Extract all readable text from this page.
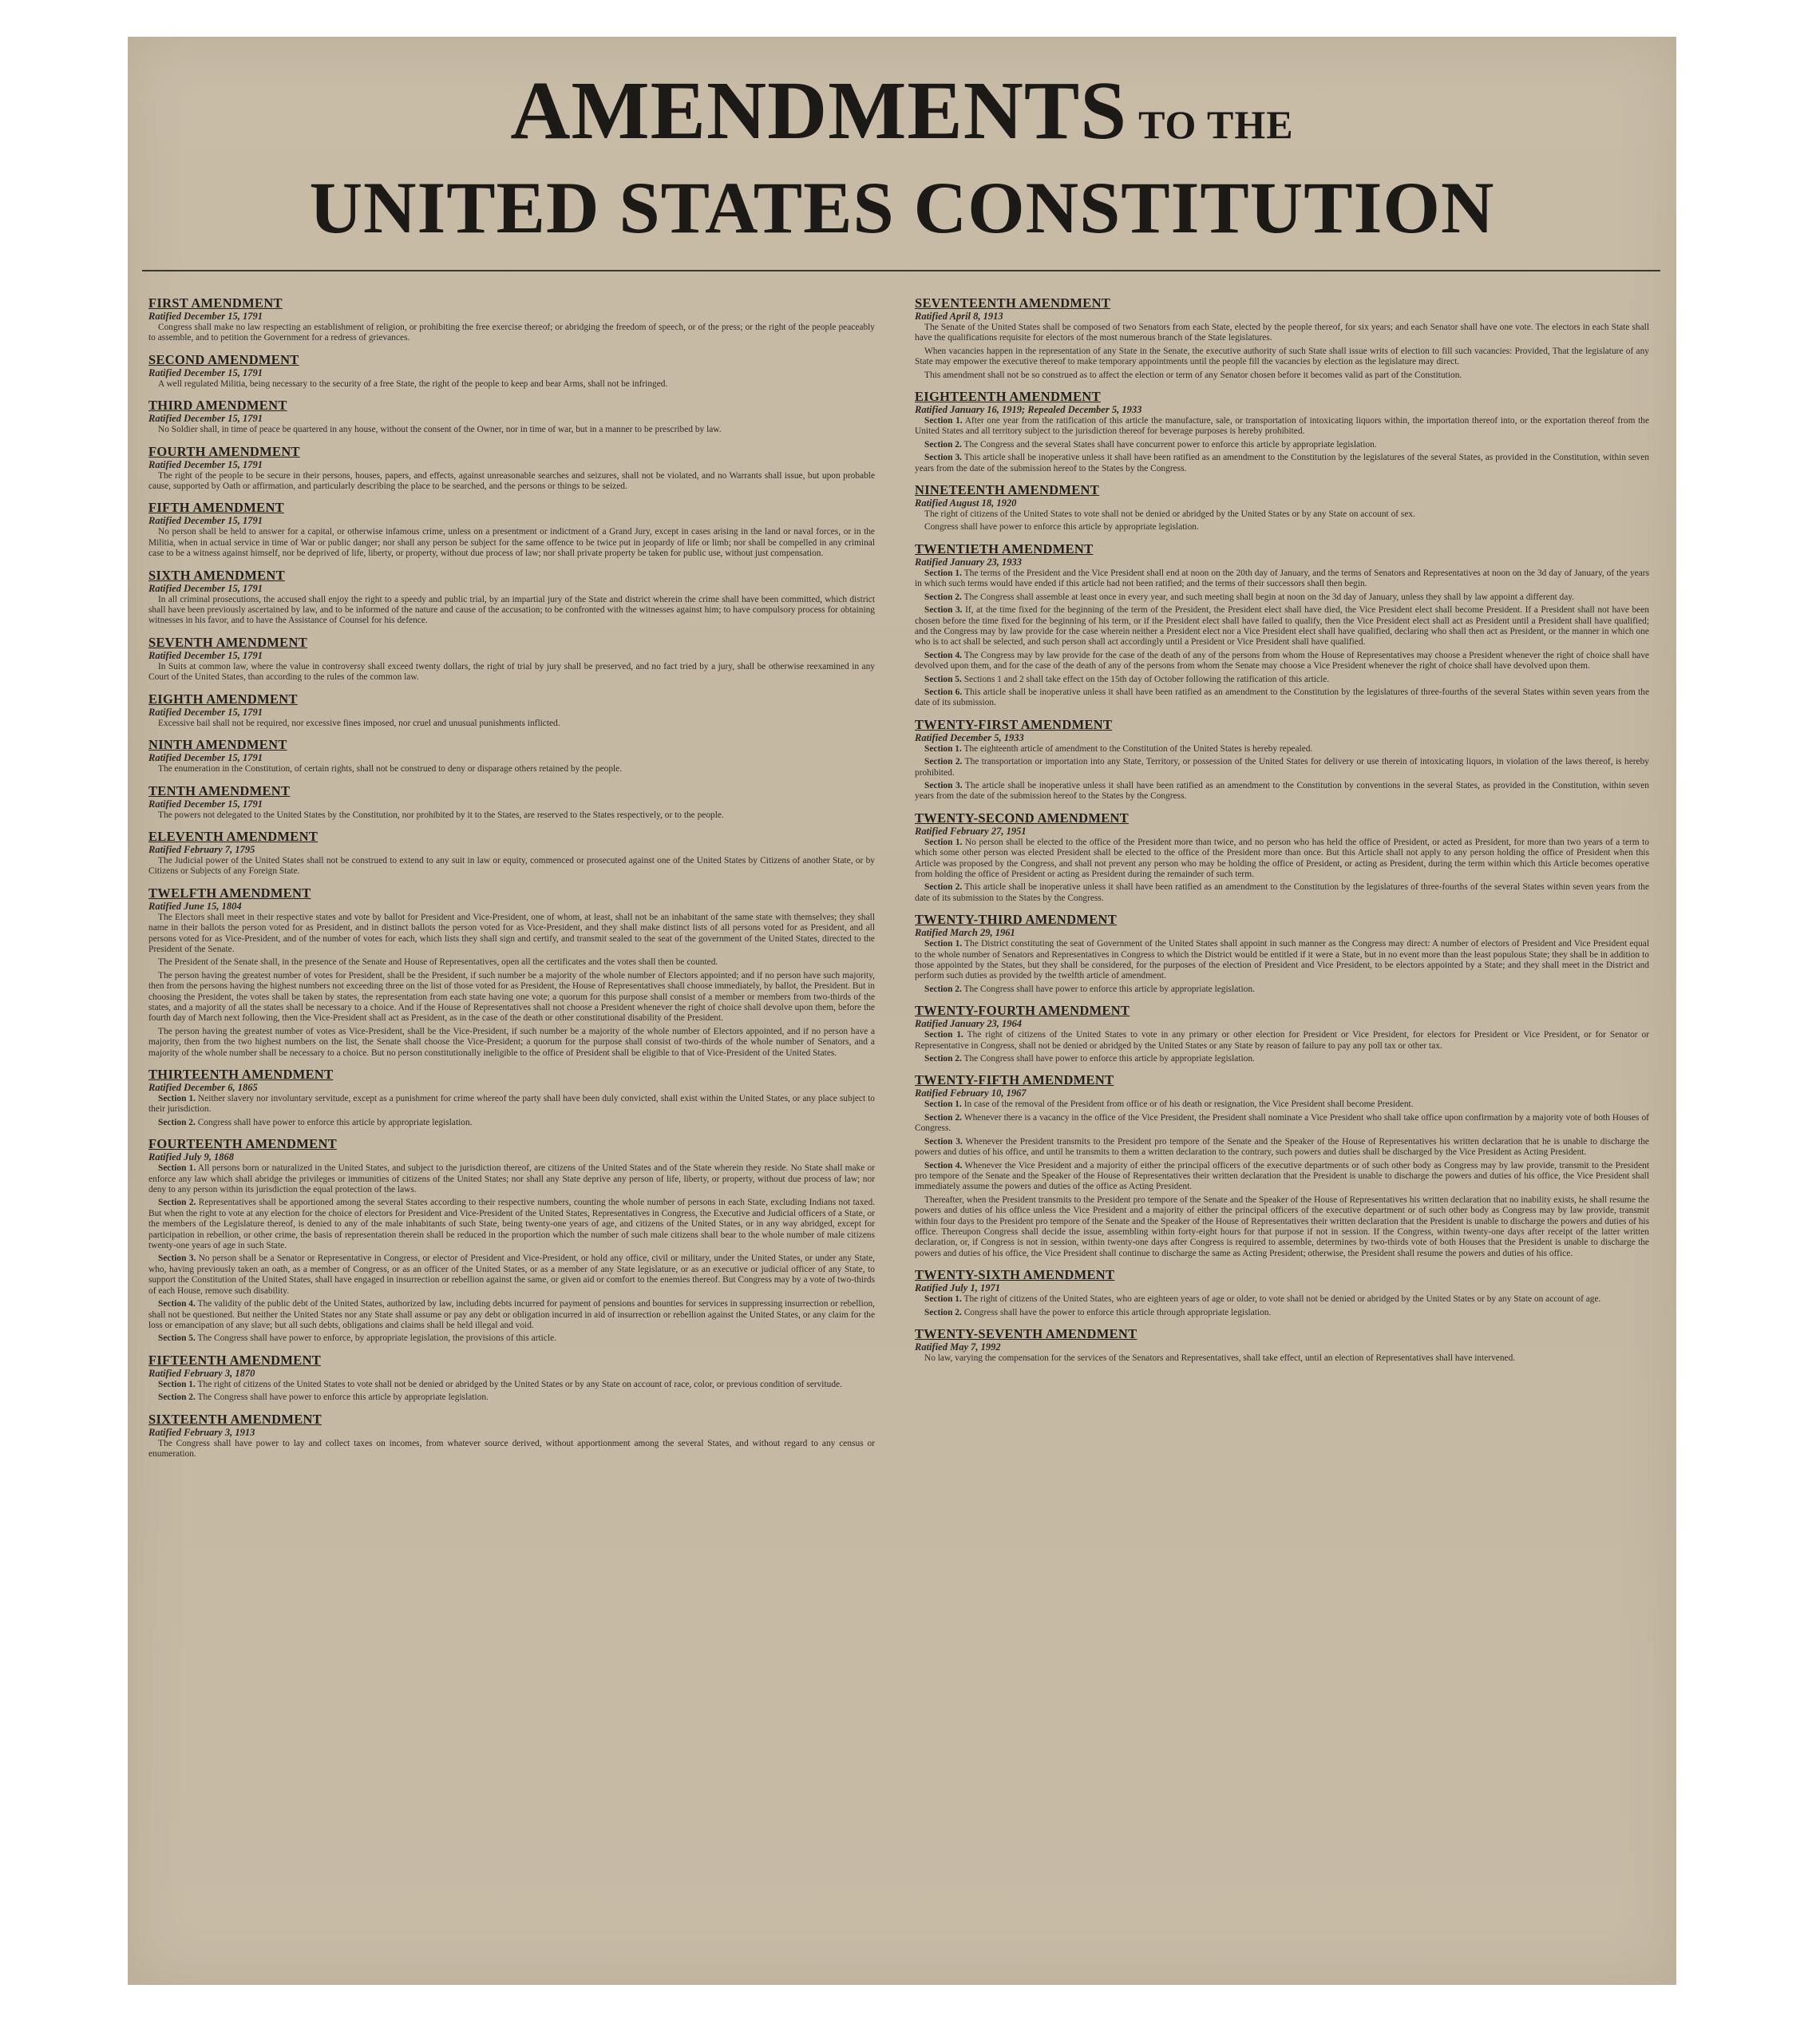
AMENDMENTS TO THE
UNITED STATES CONSTITUTION
FIRST AMENDMENT
Ratified December 15, 1791

Congress shall make no law respecting an establishment of religion, or prohibiting the free exercise thereof; or abridging the freedom of speech, or of the press; or the right of the people peaceably to assemble, and to petition the Government for a redress of grievances.

SECOND AMENDMENT
Ratified December 15, 1791

A well regulated Militia, being necessary to the security of a free State, the right of the people to keep and bear Arms, shall not be infringed.

THIRD AMENDMENT
Ratified December 15, 1791

No Soldier shall, in time of peace be quartered in any house, without the consent of the Owner, nor in time of war, but in a manner to be prescribed by law.

FOURTH AMENDMENT
Ratified December 15, 1791

The right of the people to be secure in their persons, houses, papers, and effects, against unreasonable searches and seizures, shall not be violated, and no Warrants shall issue, but upon probable cause, supported by Oath or affirmation, and particularly describing the place to be searched, and the persons or things to be seized.

FIFTH AMENDMENT
Ratified December 15, 1791

No person shall be held to answer for a capital, or otherwise infamous crime, unless on a presentment or indictment of a Grand Jury, except in cases arising in the land or naval forces, or in the Militia, when in actual service in time of War or public danger; nor shall any person be subject for the same offence to be twice put in jeopardy of life or limb; nor shall be compelled in any criminal case to be a witness against himself, nor be deprived of life, liberty, or property, without due process of law; nor shall private property be taken for public use, without just compensation.

SIXTH AMENDMENT
Ratified December 15, 1791

In all criminal prosecutions, the accused shall enjoy the right to a speedy and public trial, by an impartial jury of the State and district wherein the crime shall have been committed, which district shall have been previously ascertained by law, and to be informed of the nature and cause of the accusation; to be confronted with the witnesses against him; to have compulsory process for obtaining witnesses in his favor, and to have the Assistance of Counsel for his defence.

SEVENTH AMENDMENT
Ratified December 15, 1791

In Suits at common law, where the value in controversy shall exceed twenty dollars, the right of trial by jury shall be preserved, and no fact tried by a jury, shall be otherwise reexamined in any Court of the United States, than according to the rules of the common law.

EIGHTH AMENDMENT
Ratified December 15, 1791

Excessive bail shall not be required, nor excessive fines imposed, nor cruel and unusual punishments inflicted.

NINTH AMENDMENT
Ratified December 15, 1791

The enumeration in the Constitution, of certain rights, shall not be construed to deny or disparage others retained by the people.

TENTH AMENDMENT
Ratified December 15, 1791

The powers not delegated to the United States by the Constitution, nor prohibited by it to the States, are reserved to the States respectively, or to the people.

ELEVENTH AMENDMENT
Ratified February 7, 1795

The Judicial power of the United States shall not be construed to extend to any suit in law or equity, commenced or prosecuted against one of the United States by Citizens of another State, or by Citizens or Subjects of any Foreign State.

TWELFTH AMENDMENT
Ratified June 15, 1804

The Electors shall meet in their respective states and vote by ballot for President and Vice-President, one of whom, at least, shall not be an inhabitant of the same state with themselves; they shall name in their ballots the person voted for as President, and in distinct ballots the person voted for as Vice-President, and they shall make distinct lists of all persons voted for as President, and all persons voted for as Vice-President, and of the number of votes for each, which lists they shall sign and certify, and transmit sealed to the seat of the government of the United States, directed to the President of the Senate.

The President of the Senate shall, in the presence of the Senate and House of Representatives, open all the certificates and the votes shall then be counted.

The person having the greatest number of votes for President, shall be the President, if such number be a majority of the whole number of Electors appointed; and if no person have such majority, then from the persons having the highest numbers not exceeding three on the list of those voted for as President, the House of Representatives shall choose immediately, by ballot, the President. But in choosing the President, the votes shall be taken by states, the representation from each state having one vote; a quorum for this purpose shall consist of a member or members from two-thirds of the states, and a majority of all the states shall be necessary to a choice. And if the House of Representatives shall not choose a President whenever the right of choice shall devolve upon them, before the fourth day of March next following, then the Vice-President shall act as President, as in the case of the death or other constitutional disability of the President.

The person having the greatest number of votes as Vice-President, shall be the Vice-President, if such number be a majority of the whole number of Electors appointed, and if no person have a majority, then from the two highest numbers on the list, the Senate shall choose the Vice-President; a quorum for the purpose shall consist of two-thirds of the whole number of Senators, and a majority of the whole number shall be necessary to a choice. But no person constitutionally ineligible to the office of President shall be eligible to that of Vice-President of the United States.

THIRTEENTH AMENDMENT
Ratified December 6, 1865

Section 1. Neither slavery nor involuntary servitude, except as a punishment for crime whereof the party shall have been duly convicted, shall exist within the United States, or any place subject to their jurisdiction.

Section 2. Congress shall have power to enforce this article by appropriate legislation.

FOURTEENTH AMENDMENT
Ratified July 9, 1868

Section 1. All persons born or naturalized in the United States, and subject to the jurisdiction thereof, are citizens of the United States and of the State wherein they reside. No State shall make or enforce any law which shall abridge the privileges or immunities of citizens of the United States; nor shall any State deprive any person of life, liberty, or property, without due process of law; nor deny to any person within its jurisdiction the equal protection of the laws.

Section 2. Representatives shall be apportioned among the several States according to their respective numbers, counting the whole number of persons in each State, excluding Indians not taxed. But when the right to vote at any election for the choice of electors for President and Vice-President of the United States, Representatives in Congress, the Executive and Judicial officers of a State, or the members of the Legislature thereof, is denied to any of the male inhabitants of such State, being twenty-one years of age, and citizens of the United States, or in any way abridged, except for participation in rebellion, or other crime, the basis of representation therein shall be reduced in the proportion which the number of such male citizens shall bear to the whole number of male citizens twenty-one years of age in such State.

Section 3. No person shall be a Senator or Representative in Congress, or elector of President and Vice-President, or hold any office, civil or military, under the United States, or under any State, who, having previously taken an oath, as a member of Congress, or as an officer of the United States, or as a member of any State legislature, or as an executive or judicial officer of any State, to support the Constitution of the United States, shall have engaged in insurrection or rebellion against the same, or given aid or comfort to the enemies thereof. But Congress may by a vote of two-thirds of each House, remove such disability.

Section 4. The validity of the public debt of the United States, authorized by law, including debts incurred for payment of pensions and bounties for services in suppressing insurrection or rebellion, shall not be questioned. But neither the United States nor any State shall assume or pay any debt or obligation incurred in aid of insurrection or rebellion against the United States, or any claim for the loss or emancipation of any slave; but all such debts, obligations and claims shall be held illegal and void.

Section 5. The Congress shall have power to enforce, by appropriate legislation, the provisions of this article.

FIFTEENTH AMENDMENT
Ratified February 3, 1870

Section 1. The right of citizens of the United States to vote shall not be denied or abridged by the United States or by any State on account of race, color, or previous condition of servitude.

Section 2. The Congress shall have power to enforce this article by appropriate legislation.

SIXTEENTH AMENDMENT
Ratified February 3, 1913

The Congress shall have power to lay and collect taxes on incomes, from whatever source derived, without apportionment among the several States, and without regard to any census or enumeration.

SEVENTEENTH AMENDMENT
Ratified April 8, 1913

The Senate of the United States shall be composed of two Senators from each State, elected by the people thereof, for six years; and each Senator shall have one vote. The electors in each State shall have the qualifications requisite for electors of the most numerous branch of the State legislatures.

When vacancies happen in the representation of any State in the Senate, the executive authority of such State shall issue writs of election to fill such vacancies: Provided, That the legislature of any State may empower the executive thereof to make temporary appointments until the people fill the vacancies by election as the legislature may direct.

This amendment shall not be so construed as to affect the election or term of any Senator chosen before it becomes valid as part of the Constitution.

EIGHTEENTH AMENDMENT
Ratified January 16, 1919; Repealed December 5, 1933

Section 1. After one year from the ratification of this article the manufacture, sale, or transportation of intoxicating liquors within, the importation thereof into, or the exportation thereof from the United States and all territory subject to the jurisdiction thereof for beverage purposes is hereby prohibited.

Section 2. The Congress and the several States shall have concurrent power to enforce this article by appropriate legislation.

Section 3. This article shall be inoperative unless it shall have been ratified as an amendment to the Constitution by the legislatures of the several States, as provided in the Constitution, within seven years from the date of the submission hereof to the States by the Congress.

NINETEENTH AMENDMENT
Ratified August 18, 1920

The right of citizens of the United States to vote shall not be denied or abridged by the United States or by any State on account of sex.

Congress shall have power to enforce this article by appropriate legislation.

TWENTIETH AMENDMENT
Ratified January 23, 1933

Section 1. The terms of the President and the Vice President shall end at noon on the 20th day of January, and the terms of Senators and Representatives at noon on the 3d day of January, of the years in which such terms would have ended if this article had not been ratified; and the terms of their successors shall then begin.

Section 2. The Congress shall assemble at least once in every year, and such meeting shall begin at noon on the 3d day of January, unless they shall by law appoint a different day.

Section 3. If, at the time fixed for the beginning of the term of the President, the President elect shall have died, the Vice President elect shall become President. If a President shall not have been chosen before the time fixed for the beginning of his term, or if the President elect shall have failed to qualify, then the Vice President elect shall act as President until a President shall have qualified; and the Congress may by law provide for the case wherein neither a President elect nor a Vice President elect shall have qualified, declaring who shall then act as President, or the manner in which one who is to act shall be selected, and such person shall act accordingly until a President or Vice President shall have qualified.

Section 4. The Congress may by law provide for the case of the death of any of the persons from whom the House of Representatives may choose a President whenever the right of choice shall have devolved upon them, and for the case of the death of any of the persons from whom the Senate may choose a Vice President whenever the right of choice shall have devolved upon them.

Section 5. Sections 1 and 2 shall take effect on the 15th day of October following the ratification of this article.

Section 6. This article shall be inoperative unless it shall have been ratified as an amendment to the Constitution by the legislatures of three-fourths of the several States within seven years from the date of its submission.

TWENTY-FIRST AMENDMENT
Ratified December 5, 1933

Section 1. The eighteenth article of amendment to the Constitution of the United States is hereby repealed.

Section 2. The transportation or importation into any State, Territory, or possession of the United States for delivery or use therein of intoxicating liquors, in violation of the laws thereof, is hereby prohibited.

Section 3. The article shall be inoperative unless it shall have been ratified as an amendment to the Constitution by conventions in the several States, as provided in the Constitution, within seven years from the date of the submission hereof to the States by the Congress.

TWENTY-SECOND AMENDMENT
Ratified February 27, 1951

Section 1. No person shall be elected to the office of the President more than twice, and no person who has held the office of President, or acted as President, for more than two years of a term to which some other person was elected President shall be elected to the office of the President more than once. But this Article shall not apply to any person holding the office of President when this Article was proposed by the Congress, and shall not prevent any person who may be holding the office of President, or acting as President, during the term within which this Article becomes operative from holding the office of President or acting as President during the remainder of such term.

Section 2. This article shall be inoperative unless it shall have been ratified as an amendment to the Constitution by the legislatures of three-fourths of the several States within seven years from the date of its submission to the States by the Congress.

TWENTY-THIRD AMENDMENT
Ratified March 29, 1961

Section 1. The District constituting the seat of Government of the United States shall appoint in such manner as the Congress may direct: A number of electors of President and Vice President equal to the whole number of Senators and Representatives in Congress to which the District would be entitled if it were a State, but in no event more than the least populous State; they shall be in addition to those appointed by the States, but they shall be considered, for the purposes of the election of President and Vice President, to be electors appointed by a State; and they shall meet in the District and perform such duties as provided by the twelfth article of amendment.

Section 2. The Congress shall have power to enforce this article by appropriate legislation.

TWENTY-FOURTH AMENDMENT
Ratified January 23, 1964

Section 1. The right of citizens of the United States to vote in any primary or other election for President or Vice President, for electors for President or Vice President, or for Senator or Representative in Congress, shall not be denied or abridged by the United States or any State by reason of failure to pay any poll tax or other tax.

Section 2. The Congress shall have power to enforce this article by appropriate legislation.

TWENTY-FIFTH AMENDMENT
Ratified February 10, 1967

Section 1. In case of the removal of the President from office or of his death or resignation, the Vice President shall become President.

Section 2. Whenever there is a vacancy in the office of the Vice President, the President shall nominate a Vice President who shall take office upon confirmation by a majority vote of both Houses of Congress.

Section 3. Whenever the President transmits to the President pro tempore of the Senate and the Speaker of the House of Representatives his written declaration that he is unable to discharge the powers and duties of his office, and until he transmits to them a written declaration to the contrary, such powers and duties shall be discharged by the Vice President as Acting President.

Section 4. Whenever the Vice President and a majority of either the principal officers of the executive departments or of such other body as Congress may by law provide, transmit to the President pro tempore of the Senate and the Speaker of the House of Representatives their written declaration that the President is unable to discharge the powers and duties of his office, the Vice President shall immediately assume the powers and duties of the office as Acting President.

Thereafter, when the President transmits to the President pro tempore of the Senate and the Speaker of the House of Representatives his written declaration that no inability exists, he shall resume the powers and duties of his office unless the Vice President and a majority of either the principal officers of the executive department or of such other body as Congress may by law provide, transmit within four days to the President pro tempore of the Senate and the Speaker of the House of Representatives their written declaration that the President is unable to discharge the powers and duties of his office. Thereupon Congress shall decide the issue, assembling within forty-eight hours for that purpose if not in session. If the Congress, within twenty-one days after receipt of the latter written declaration, or, if Congress is not in session, within twenty-one days after Congress is required to assemble, determines by two-thirds vote of both Houses that the President is unable to discharge the powers and duties of his office, the Vice President shall continue to discharge the same as Acting President; otherwise, the President shall resume the powers and duties of his office.

TWENTY-SIXTH AMENDMENT
Ratified July 1, 1971

Section 1. The right of citizens of the United States, who are eighteen years of age or older, to vote shall not be denied or abridged by the United States or by any State on account of age.

Section 2. Congress shall have the power to enforce this article through appropriate legislation.

TWENTY-SEVENTH AMENDMENT
Ratified May 7, 1992

No law, varying the compensation for the services of the Senators and Representatives, shall take effect, until an election of Representatives shall have intervened.
